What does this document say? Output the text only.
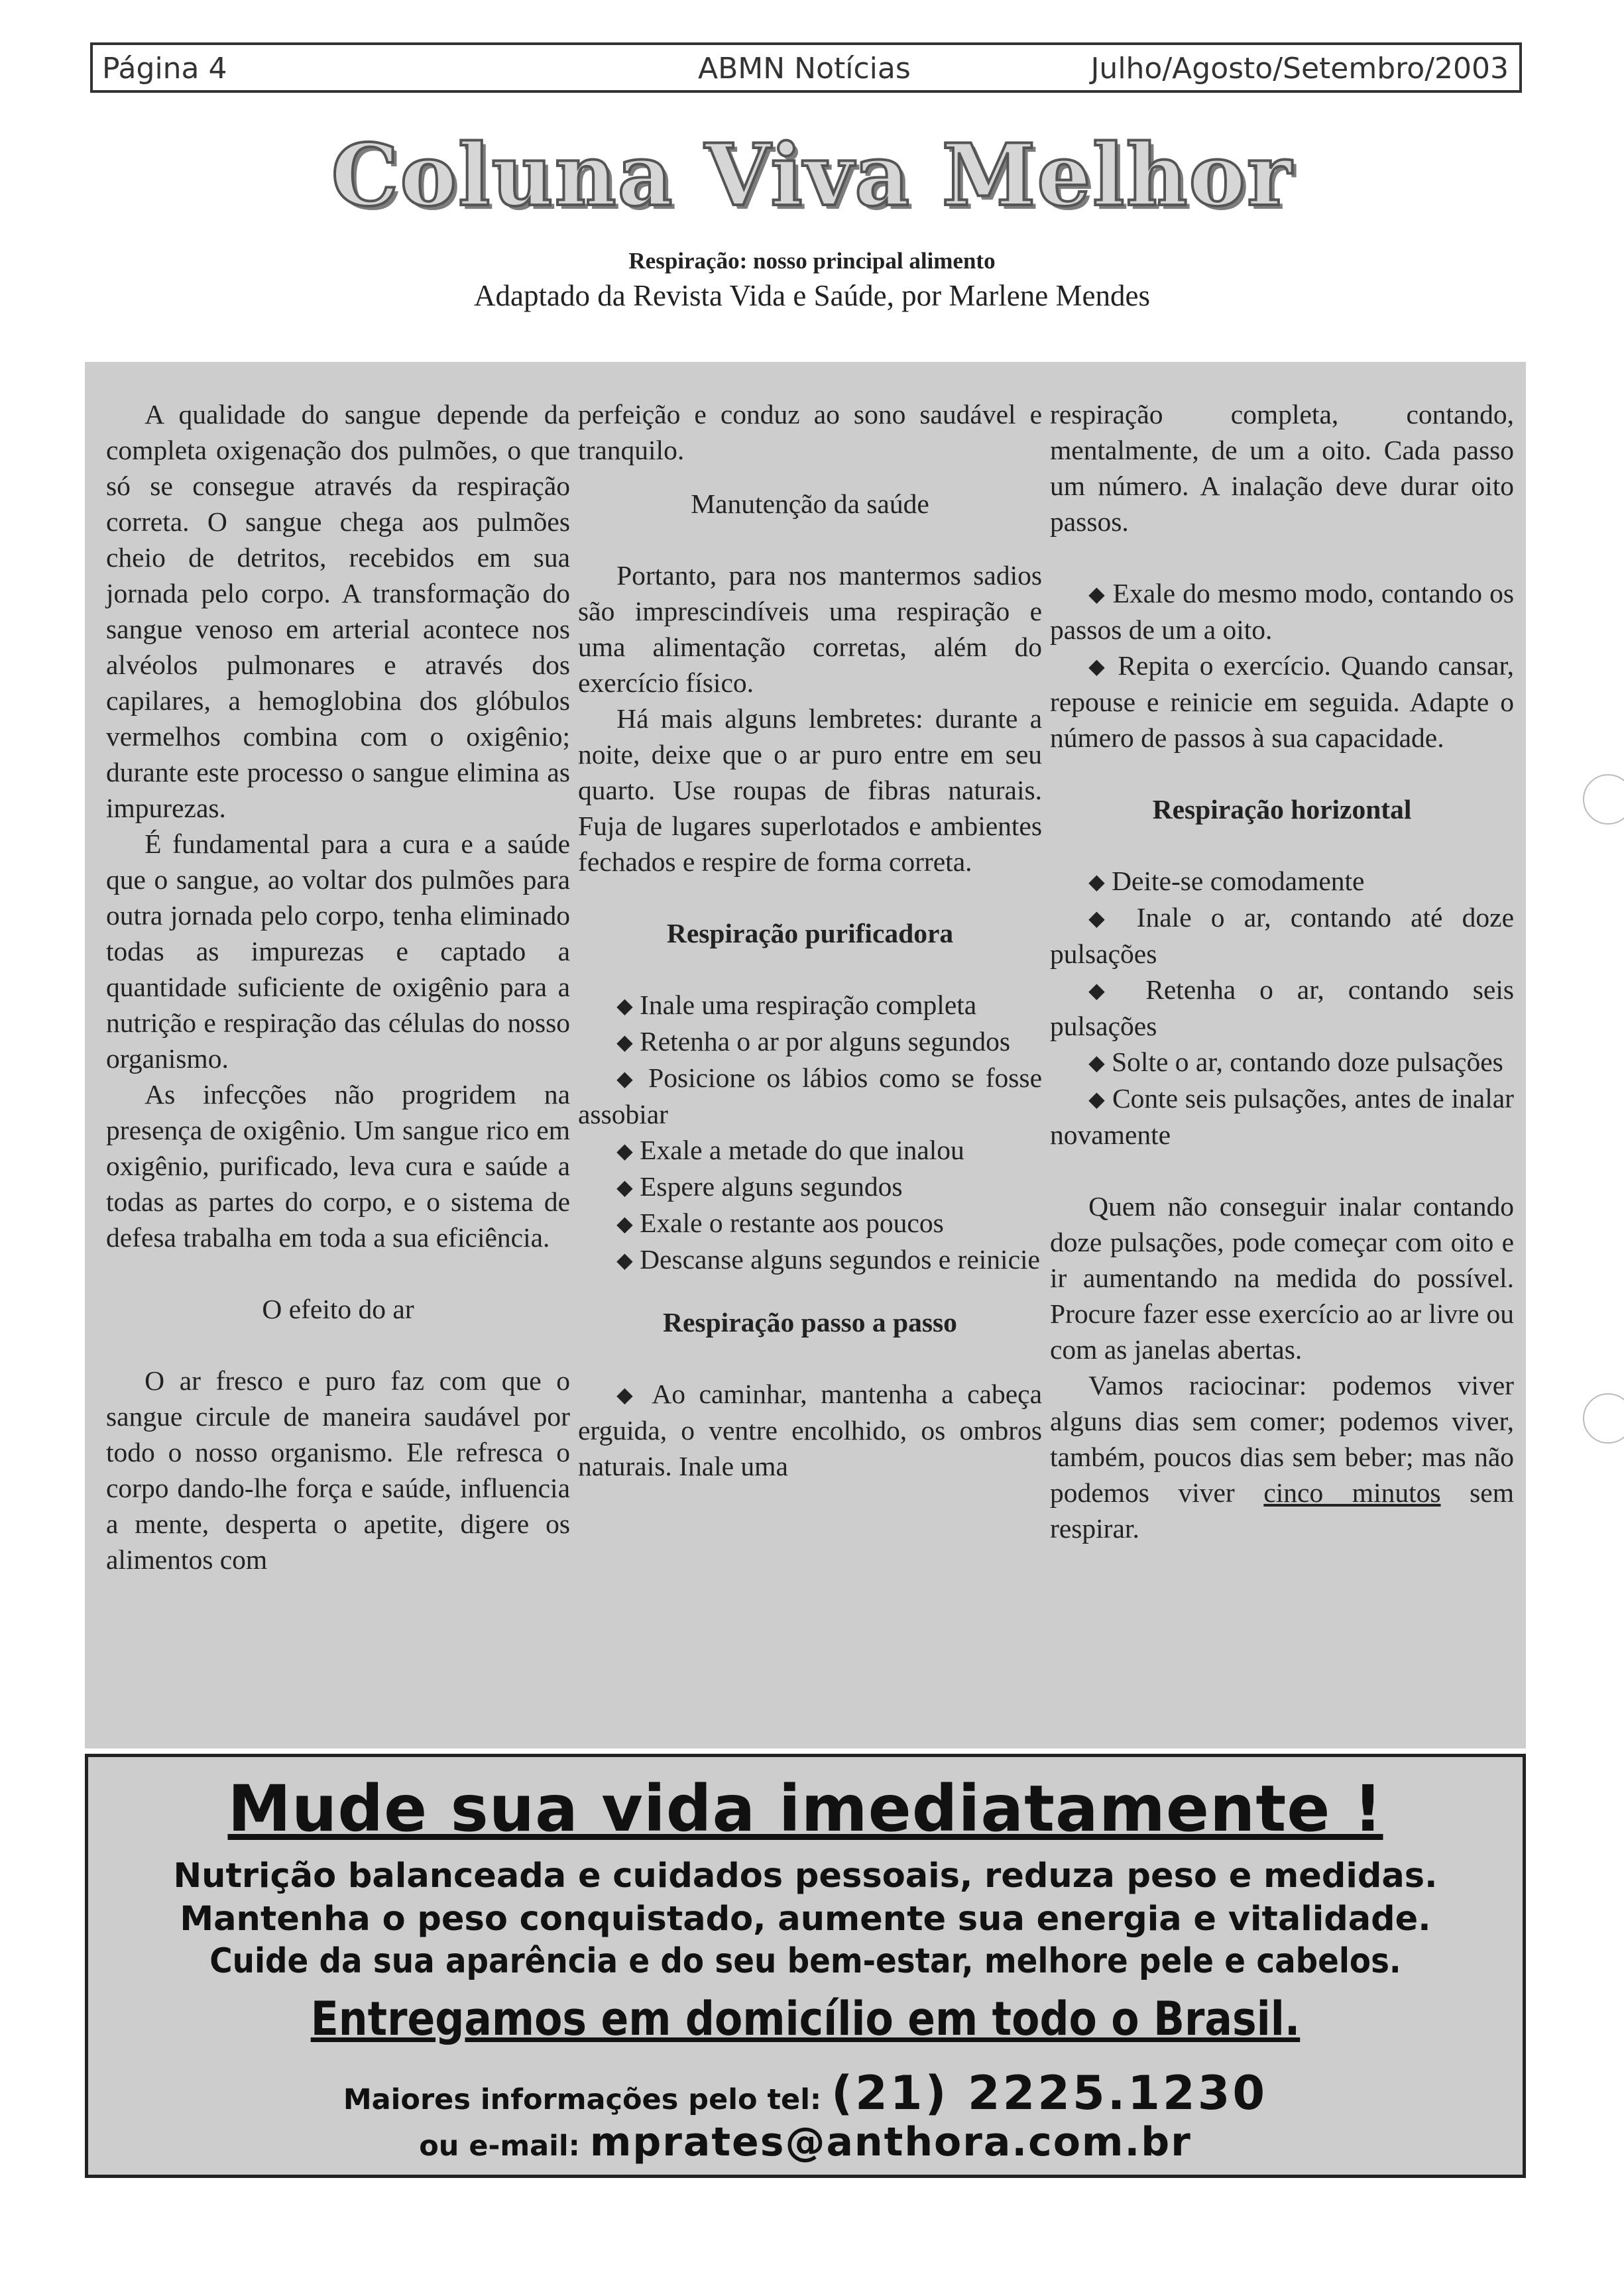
Página 4	ABMN Notícias	Julho/Agosto/Setembro/2003
Coluna Viva Melhor
Respiração: nosso principal alimento
Adaptado da Revista Vida e Saúde, por Marlene Mendes

A qualidade do sangue depende da completa oxigenação dos pulmões, o que só se consegue através da respiração correta. O sangue chega aos pulmões cheio de detritos, recebidos em sua jornada pelo corpo. A transformação do sangue venoso em arterial acontece nos alvéolos pulmonares e através dos capilares, a hemoglobina dos glóbulos vermelhos combina com o oxigênio; durante este processo o sangue elimina as impurezas.

É fundamental para a cura e a saúde que o sangue, ao voltar dos pulmões para outra jornada pelo corpo, tenha eliminado todas as impurezas e captado a quantidade suficiente de oxigênio para a nutrição e respiração das células do nosso organismo.

As infecções não progridem na presença de oxigênio. Um sangue rico em oxigênio, purificado, leva cura e saúde a todas as partes do corpo, e o sistema de defesa trabalha em toda a sua eficiência.

O efeito do ar

O ar fresco e puro faz com que o sangue circule de maneira saudável por todo o nosso organismo. Ele refresca o corpo dando-lhe força e saúde, influencia a mente, desperta o apetite, digere os alimentos com

perfeição e conduz ao sono saudável e tranquilo.

Manutenção da saúde

Portanto, para nos mantermos sadios são imprescindíveis uma respiração e uma alimentação corretas, além do exercício físico.

Há mais alguns lembretes: durante a noite, deixe que o ar puro entre em seu quarto. Use roupas de fibras naturais. Fuja de lugares superlotados e ambientes fechados e respire de forma correta.

Respiração purificadora

◆ Inale uma respiração completa

◆ Retenha o ar por alguns segundos

◆ Posicione os lábios como se fosse assobiar

◆ Exale a metade do que inalou

◆ Espere alguns segundos

◆ Exale o restante aos poucos

◆ Descanse alguns segundos e reinicie

Respiração passo a passo

◆ Ao caminhar, mantenha a cabeça erguida, o ventre encolhido, os ombros naturais. Inale uma

respiração completa, contando, mentalmente, de um a oito. Cada passo um número. A inalação deve durar oito passos.

◆ Exale do mesmo modo, contando os passos de um a oito.

◆ Repita o exercício. Quando cansar, repouse e reinicie em seguida. Adapte o número de passos à sua capacidade.

Respiração horizontal

◆ Deite-se comodamente

◆ Inale o ar, contando até doze pulsações

◆ Retenha o ar, contando seis pulsações

◆ Solte o ar, contando doze pulsações

◆ Conte seis pulsações, antes de inalar novamente

Quem não conseguir inalar contando doze pulsações, pode começar com oito e ir aumentando na medida do possível. Procure fazer esse exercício ao ar livre ou com as janelas abertas.

Vamos raciocinar: podemos viver alguns dias sem comer; podemos viver, também, poucos dias sem beber; mas não podemos viver cinco minutos sem respirar.

Mude sua vida imediatamente !
Nutrição balanceada e cuidados pessoais, reduza peso e medidas.
Mantenha o peso conquistado, aumente sua energia e vitalidade.
Cuide da sua aparência e do seu bem-estar, melhore pele e cabelos.
Entregamos em domicílio em todo o Brasil.
Maiores informações pelo tel: (21) 2225.1230
ou e-mail: mprates@anthora.com.br
